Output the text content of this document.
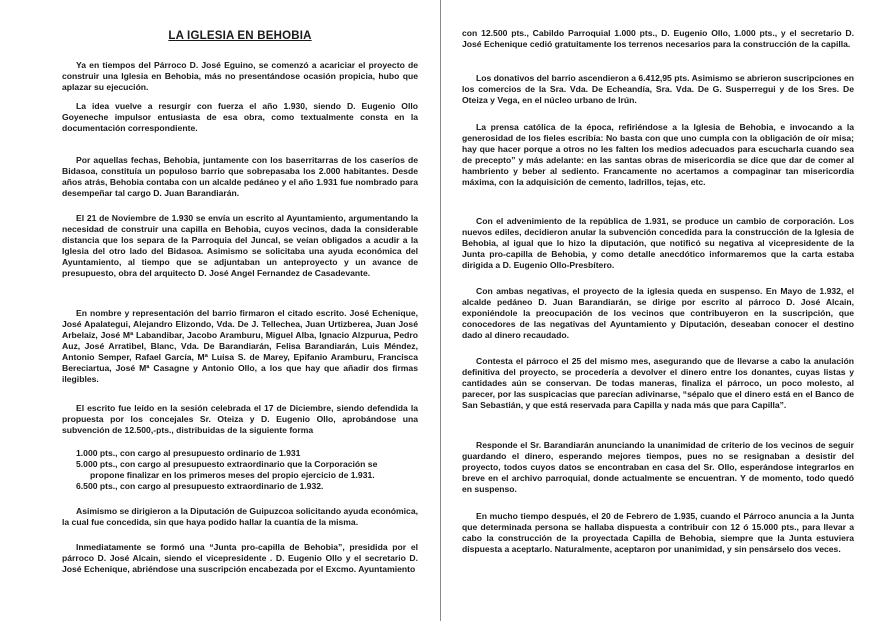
LA IGLESIA EN BEHOBIA

Ya en tiempos del Párroco D. José Eguino, se comenzó a acariciar el proyecto de construir una Iglesia en Behobia, más no presentándose ocasión propicia, hubo que aplazar su ejecución.

La idea vuelve a resurgir con fuerza el año 1.930, siendo D. Eugenio Ollo Goyeneche impulsor entusiasta de esa obra, como textualmente consta en la documentación correspondiente.

Por aquellas fechas, Behobia, juntamente con los baserritarras de los caseríos de Bidasoa, constituía un populoso barrio que sobrepasaba los 2.000 habitantes. Desde años atrás, Behobia contaba con un alcalde pedáneo y el año 1.931 fue nombrado para desempeñar tal cargo D. Juan Barandiarán.

El 21 de Noviembre de 1.930 se envía un escrito al Ayuntamiento, argumentando la necesidad de construir una capilla en Behobia, cuyos vecinos, dada la considerable distancia que los separa de la Parroquia del Juncal, se veían obligados a acudir a la Iglesia del otro lado del Bidasoa. Asimismo se solicitaba una ayuda económica del Ayuntamiento, al tiempo que se adjuntaban un anteproyecto y un avance de presupuesto, obra del arquitecto D. José Angel Fernandez de Casadevante.

En nombre y representación del barrio firmaron el citado escrito. José Echenique, José Apalategui, Alejandro Elizondo, Vda. De J. Tellechea, Juan Urtizberea, Juan José Arbelaiz, José Mª Labandibar, Jacobo Aramburu, Miguel Alba, Ignacio Alzpurua, Pedro Auz, José Arratibel, Blanc, Vda. De Barandiarán, Felisa Barandiarán, Luis Méndez, Antonio Semper, Rafael García, Mª Luisa S. de Marey, Epifanio Aramburu, Francisca Bereciartua, José Mª Casagne y Antonio Ollo, a los que hay que añadir dos firmas ilegibles.

El escrito fue leído en la sesión celebrada el 17 de Diciembre, siendo defendida la propuesta por los concejales Sr. Oteiza y D. Eugenio Ollo, aprobándose una subvención de 12.500,-pts., distribuidas de la siguiente forma

1.000 pts., con cargo al presupuesto ordinario de 1.931
5.000 pts., con cargo al presupuesto extraordinario que la Corporación se
propone finalizar en los primeros meses del propio ejercicio de 1.931.
6.500 pts., con cargo al presupuesto extraordinario de 1.932.

Asimismo se dirigieron a la Diputación de Guipuzcoa solicitando ayuda económica, la cual fue concedida, sin que haya podido hallar la cuantía de la misma.

Inmediatamente se formó una “Junta pro-capilla de Behobia”, presidida por el párroco D. José Alcain, siendo el vicepresidente . D. Eugenio Ollo y el secretario D. José Echenique, abriéndose una suscripción encabezada por el Excmo. Ayuntamiento

con 12.500 pts., Cabildo Parroquial 1.000 pts., D. Eugenio Ollo, 1.000 pts., y el secretario D. José Echenique cedió gratuitamente los terrenos necesarios para la construcción de la capilla.

Los donativos del barrio ascendieron a 6.412,95 pts. Asimismo se abrieron suscripciones en los comercios de la Sra. Vda. De Echeandía, Sra. Vda. De G. Susperregui y de los Sres. De Oteiza y Vega, en el núcleo urbano de Irún.

La prensa católica de la época, refiriéndose a la Iglesia de Behobia, e invocando a la generosidad de los fieles escribía: No basta con que uno cumpla con la obligación de oír misa; hay que hacer porque a otros no les falten los medios adecuados para escucharla cuando sea de precepto” y más adelante: en las santas obras de misericordia se dice que dar de comer al hambriento y beber al sediento. Francamente no acertamos a compaginar tan misericordia máxima, con la adquisición de cemento, ladrillos, tejas, etc.

Con el advenimiento de la república de 1.931, se produce un cambio de corporación. Los nuevos ediles, decidieron anular la subvención concedida para la construcción de la Iglesia de Behobia, al igual que lo hizo la diputación, que notificó su negativa al vicepresidente de la Junta pro-capilla de Behobia, y como detalle anecdótico informaremos que la carta estaba dirigida a D. Eugenio Ollo-Presbítero.

Con ambas negativas, el proyecto de la iglesia queda en suspenso. En Mayo de 1.932, el alcalde pedáneo D. Juan Barandiarán, se dirige por escrito al párroco D. José Alcain, exponiéndole la preocupación de los vecinos que contribuyeron en la suscripción, que conocedores de las negativas del Ayuntamiento y Diputación, deseaban conocer el destino dado al dinero recaudado.

Contesta el párroco el 25 del mismo mes, asegurando que de llevarse a cabo la anulación definitiva del proyecto, se procedería a devolver el dinero entre los donantes, cuyas listas y cantidades aún se conservan. De todas maneras, finaliza el párroco, un poco molesto, al parecer, por las suspicacias que parecían adivinarse, “sépalo que el dinero está en el Banco de San Sebastián, y que está reservada para Capilla y nada más que para Capilla”.

Responde el Sr. Barandiarán anunciando la unanimidad de criterio de los vecinos de seguir guardando el dinero, esperando mejores tiempos, pues no se resignaban a desistir del proyecto, todos cuyos datos se encontraban en casa del Sr. Ollo, esperándose integrarlos en breve en el archivo parroquial, donde actualmente se encuentran. Y de momento, todo quedó en suspenso.

En mucho tiempo después, el 20 de Febrero de 1.935, cuando el Párroco anuncia a la Junta que determinada persona se hallaba dispuesta a contribuir con 12 ó 15.000 pts., para llevar a cabo la construcción de la proyectada Capilla de Behobia, siempre que la Junta estuviera dispuesta a aceptarlo. Naturalmente, aceptaron por unanimidad, y sin pensárselo dos veces.
